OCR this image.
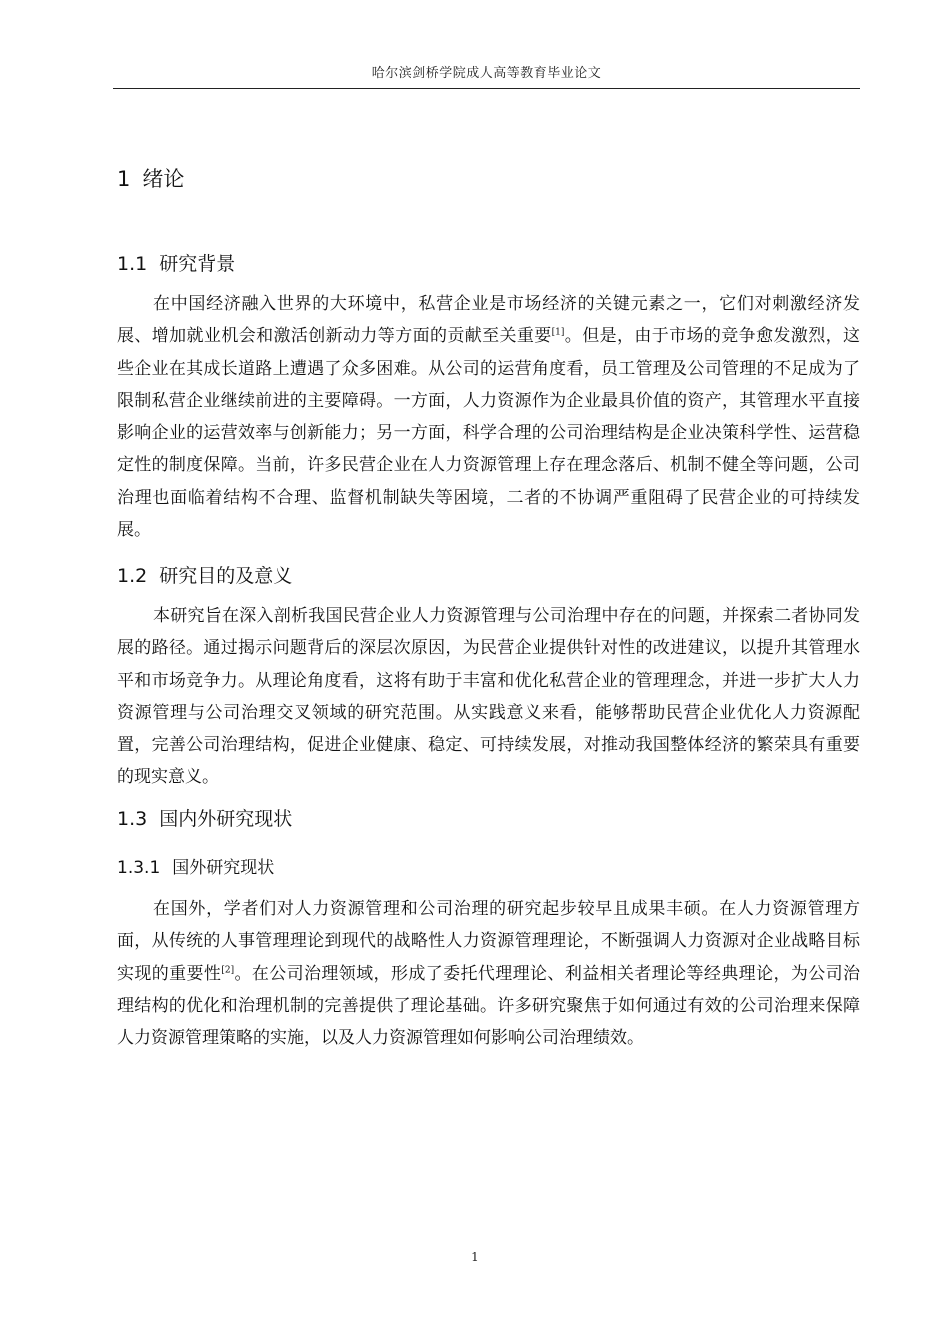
哈尔滨剑桥学院成人高等教育毕业论文
1 绪论
1.1 研究背景

在中国经济融入世界的大环境中，私营企业是市场经济的关键元素之一，它们对刺激经济发展、增加就业机会和激活创新动力等方面的贡献至关重要[1]。但是，由于市场的竞争愈发激烈，这些企业在其成长道路上遭遇了众多困难。从公司的运营角度看，员工管理及公司管理的不足成为了限制私营企业继续前进的主要障碍。一方面，人力资源作为企业最具价值的资产，其管理水平直接影响企业的运营效率与创新能力；另一方面，科学合理的公司治理结构是企业决策科学性、运营稳定性的制度保障。当前，许多民营企业在人力资源管理上存在理念落后、机制不健全等问题，公司治理也面临着结构不合理、监督机制缺失等困境，二者的不协调严重阻碍了民营企业的可持续发展。

1.2 研究目的及意义

本研究旨在深入剖析我国民营企业人力资源管理与公司治理中存在的问题，并探索二者协同发展的路径。通过揭示问题背后的深层次原因，为民营企业提供针对性的改进建议，以提升其管理水平和市场竞争力。从理论角度看，这将有助于丰富和优化私营企业的管理理念，并进一步扩大人力资源管理与公司治理交叉领域的研究范围。从实践意义来看，能够帮助民营企业优化人力资源配置，完善公司治理结构，促进企业健康、稳定、可持续发展，对推动我国整体经济的繁荣具有重要的现实意义。

1.3 国内外研究现状
1.3.1 国外研究现状

在国外，学者们对人力资源管理和公司治理的研究起步较早且成果丰硕。在人力资源管理方面，从传统的人事管理理论到现代的战略性人力资源管理理论，不断强调人力资源对企业战略目标实现的重要性[2]。在公司治理领域，形成了委托代理理论、利益相关者理论等经典理论，为公司治理结构的优化和治理机制的完善提供了理论基础。许多研究聚焦于如何通过有效的公司治理来保障人力资源管理策略的实施，以及人力资源管理如何影响公司治理绩效。

1
